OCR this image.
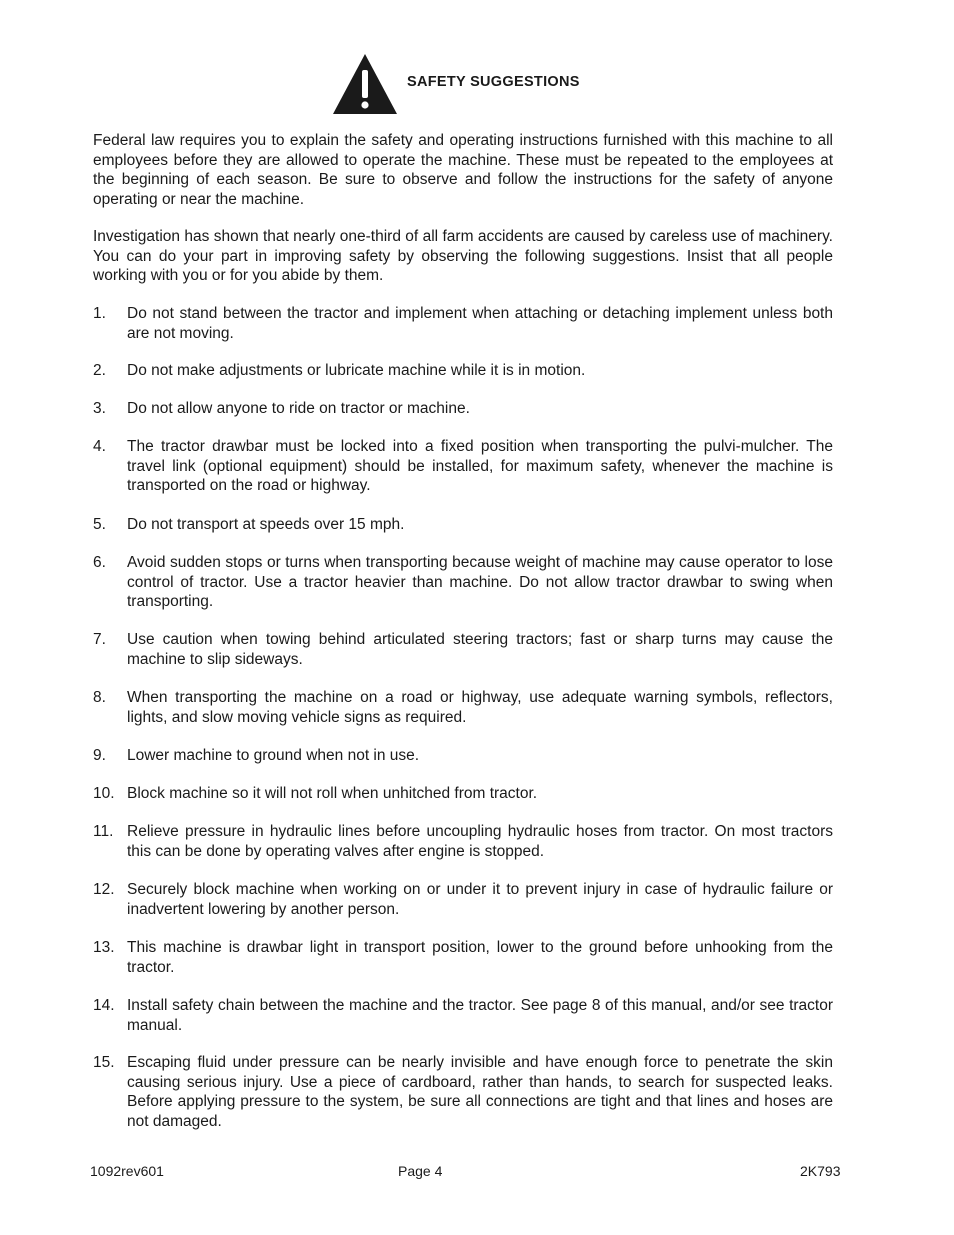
SAFETY SUGGESTIONS

Federal law requires you to explain the safety and operating instructions furnished with this machine to all employees before they are allowed to operate the machine. These must be repeated to the employees at the beginning of each season. Be sure to observe and follow the instructions for the safety of anyone operating or near the machine.

Investigation has shown that nearly one-third of all farm accidents are caused by careless use of machinery. You can do your part in improving safety by observing the following suggestions. Insist that all people working with you or for you abide by them.

1.	Do not stand between the tractor and implement when attaching or detaching implement unless both are not moving.
2.	Do not make adjustments or lubricate machine while it is in motion.
3.	Do not allow anyone to ride on tractor or machine.
4.	The tractor drawbar must be locked into a fixed position when transporting the pulvi-mulcher. The travel link (optional equipment) should be installed, for maximum safety, whenever the machine is transported on the road or highway.
5.	Do not transport at speeds over 15 mph.
6.	Avoid sudden stops or turns when transporting because weight of machine may cause operator to lose control of tractor. Use a tractor heavier than machine. Do not allow tractor drawbar to swing when transporting.
7.	Use caution when towing behind articulated steering tractors; fast or sharp turns may cause the machine to slip sideways.
8.	When transporting the machine on a road or highway, use adequate warning symbols, reflectors, lights, and slow moving vehicle signs as required.
9.	Lower machine to ground when not in use.
10. Block machine so it will not roll when unhitched from tractor.
11. Relieve pressure in hydraulic lines before uncoupling hydraulic hoses from tractor. On most tractors this can be done by operating valves after engine is stopped.
12. Securely block machine when working on or under it to prevent injury in case of hydraulic failure or inadvertent lowering by another person.
13. This machine is drawbar light in transport position, lower to the ground before unhooking from the tractor.
14. Install safety chain between the machine and the tractor. See page 8 of this manual, and/or see tractor manual.
15. Escaping fluid under pressure can be nearly invisible and have enough force to penetrate the skin causing serious injury. Use a piece of cardboard, rather than hands, to search for suspected leaks. Before applying pressure to the system, be sure all connections are tight and that lines and hoses are not damaged.
1092rev601	Page 4	2K793
